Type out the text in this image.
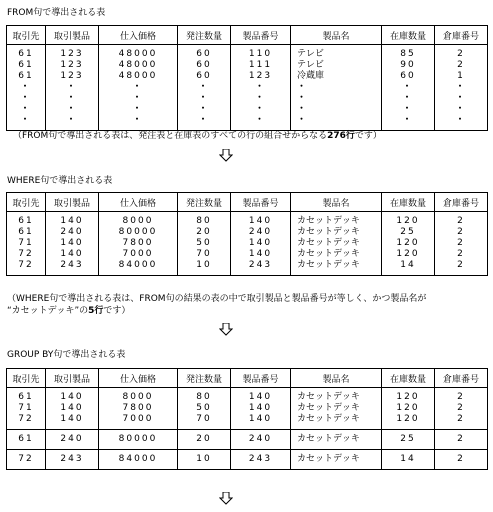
FROM句で導出される表
取引先	取引製品	仕入価格	発注数量	製品番号	製品名	在庫数量	倉庫番号
61	123	48000	60	110	テレビ	85	2
61	123	48000	60	111	テレビ	90	2
61	123	48000	60	123	冷蔵庫	60	1
・	・	・	・	・	・	・	・
・	・	・	・	・	・	・	・
・	・	・	・	・	・	・	・
・	・	・	・	・	・	・	・
（FROM句で導出される表は、発注表と在庫表のすべての行の組合せからなる276行です）
WHERE句で導出される表
取引先	取引製品	仕入価格	発注数量	製品番号	製品名	在庫数量	倉庫番号
61	140	8000	80	140	カセットデッキ	120	2
61	240	80000	20	240	カセットデッキ	25	2
71	140	7800	50	140	カセットデッキ	120	2
72	140	7000	70	140	カセットデッキ	120	2
72	243	84000	10	243	カセットデッキ	14	2
（WHERE句で導出される表は、FROM句の結果の表の中で取引製品と製品番号が等しく、かつ製品名が
“カセットデッキ”の5行です）
GROUP BY句で導出される表
取引先	取引製品	仕入価格	発注数量	製品番号	製品名	在庫数量	倉庫番号
61	140	8000	80	140	カセットデッキ	120	2
71	140	7800	50	140	カセットデッキ	120	2
72	140	7000	70	140	カセットデッキ	120	2
61	240	80000	20	240	カセットデッキ	25	2
72	243	84000	10	243	カセットデッキ	14	2
